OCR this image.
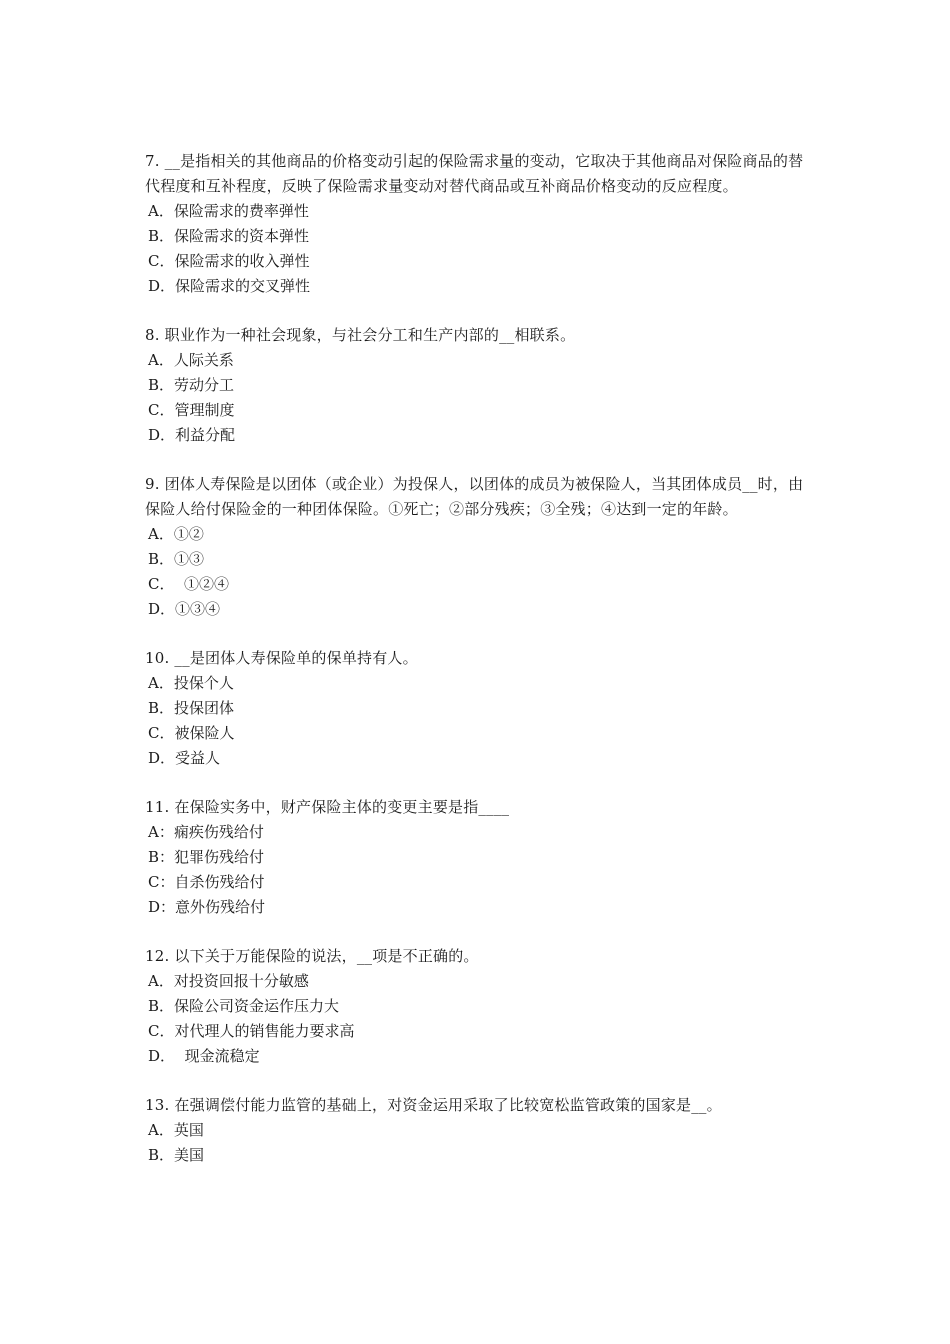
7. __是指相关的其他商品的价格变动引起的保险需求量的变动，它取决于其他商品对保险商品的替代程度和互补程度，反映了保险需求量变动对替代商品或互补商品价格变动的反应程度。

A．保险需求的费率弹性

B．保险需求的资本弹性

C．保险需求的收入弹性

D．保险需求的交叉弹性

8. 职业作为一种社会现象，与社会分工和生产内部的__相联系。

A．人际关系

B．劳动分工

C．管理制度

D．利益分配

9. 团体人寿保险是以团体（或企业）为投保人，以团体的成员为被保险人，当其团体成员__时，由保险人给付保险金的一种团体保险。①死亡；②部分残疾；③全残；④达到一定的年龄。

A．①②

B．①③

C．  ①②④

D．①③④

10. __是团体人寿保险单的保单持有人。

A．投保个人

B．投保团体

C．被保险人

D．受益人

11. 在保险实务中，财产保险主体的变更主要是指____

A：痫疾伤残给付

B：犯罪伤残给付

C：自杀伤残给付

D：意外伤残给付

12. 以下关于万能保险的说法，__项是不正确的。

A．对投资回报十分敏感

B．保险公司资金运作压力大

C．对代理人的销售能力要求高

D．  现金流稳定

13. 在强调偿付能力监管的基础上，对资金运用采取了比较宽松监管政策的国家是__。

A．英国

B．美国
